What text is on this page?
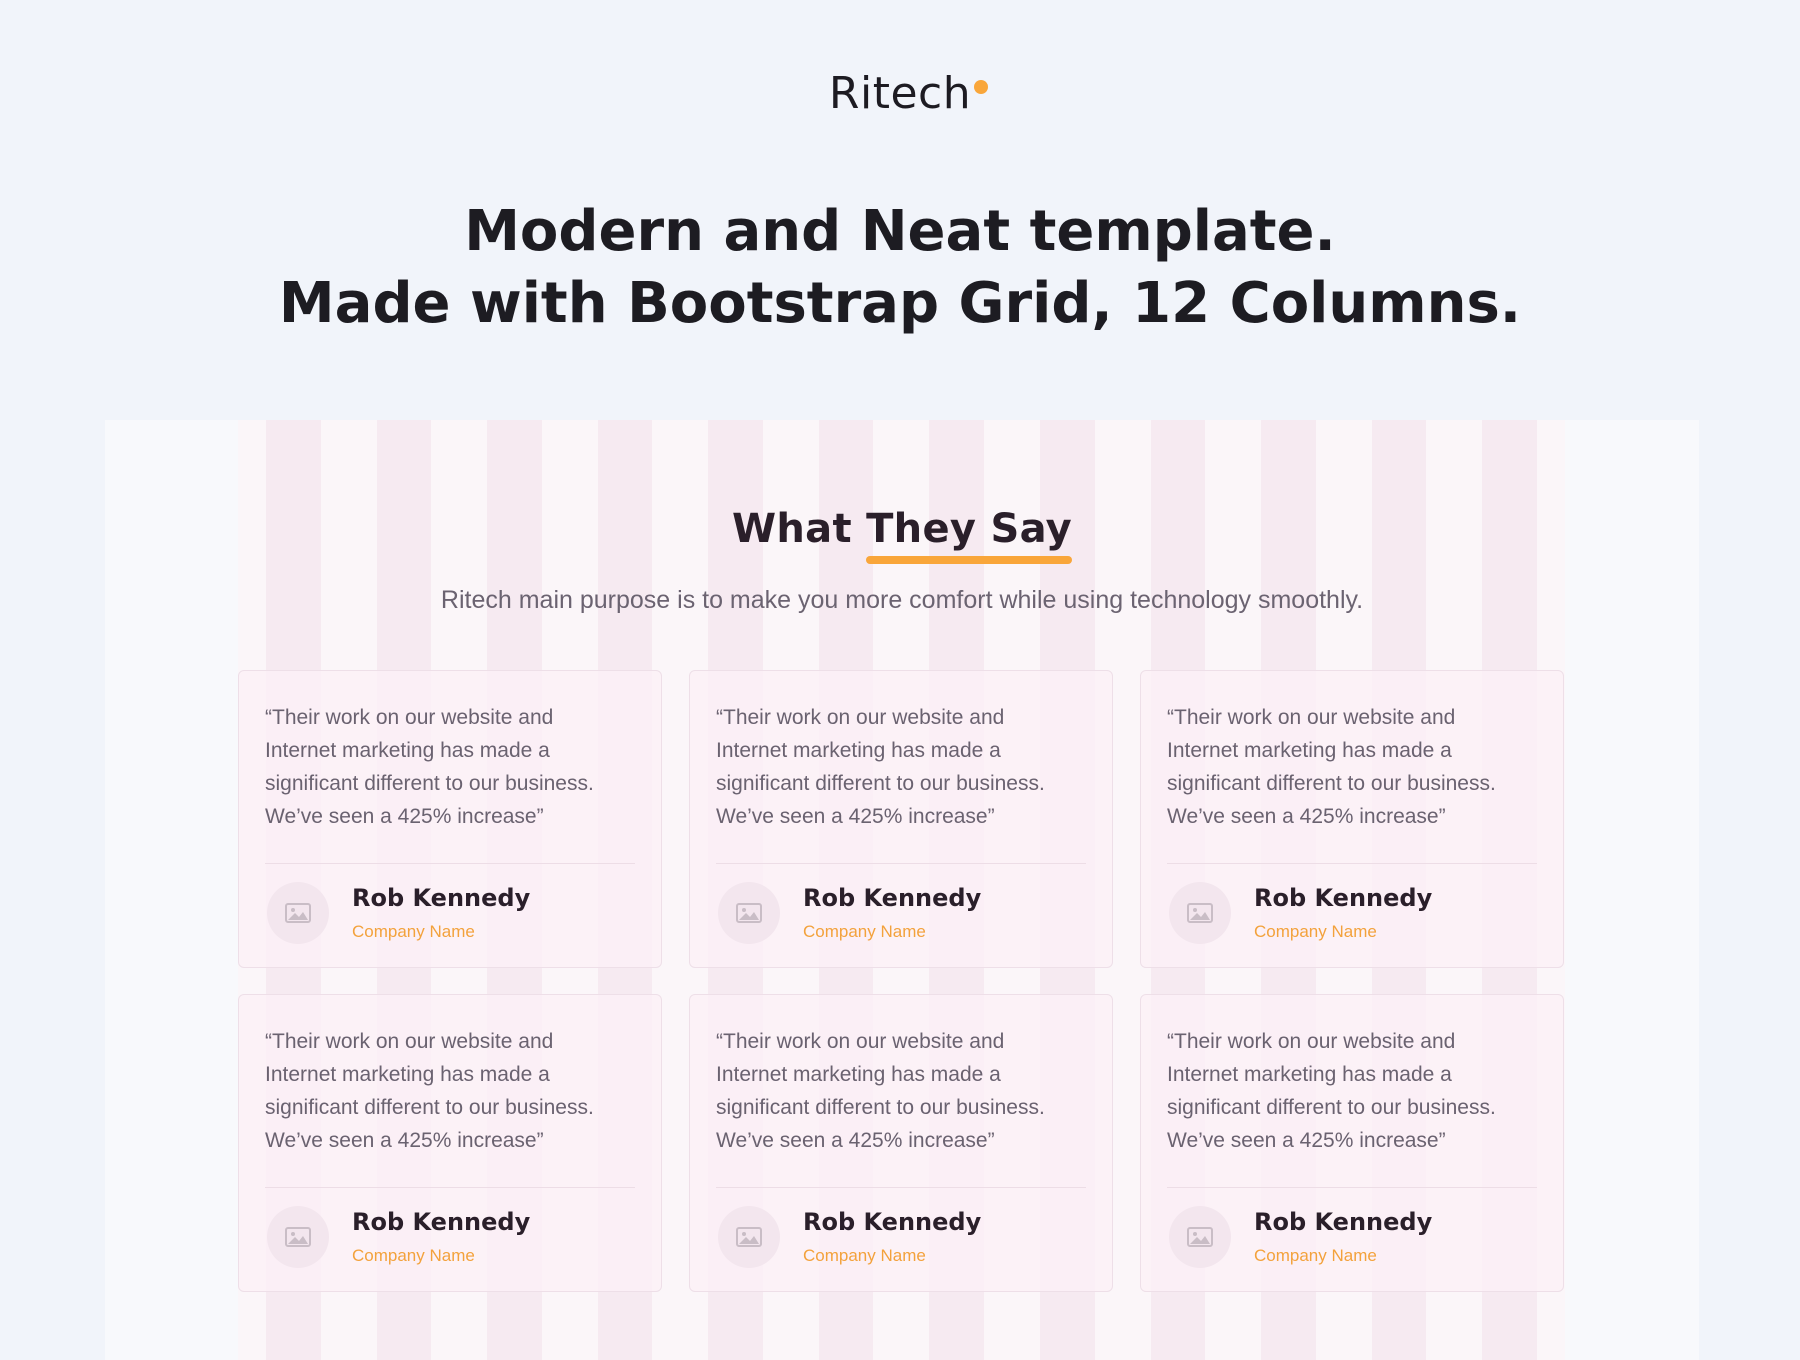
Ritech
Modern and Neat template.
Made with Bootstrap Grid, 12 Columns.
What They Say
Ritech main purpose is to make you more comfort while using technology smoothly.

“Their work on our website and
Internet marketing has made a
significant different to our business.
We’ve seen a 425% increase”

Rob Kennedy
Company Name

“Their work on our website and
Internet marketing has made a
significant different to our business.
We’ve seen a 425% increase”

Rob Kennedy
Company Name

“Their work on our website and
Internet marketing has made a
significant different to our business.
We’ve seen a 425% increase”

Rob Kennedy
Company Name

“Their work on our website and
Internet marketing has made a
significant different to our business.
We’ve seen a 425% increase”

Rob Kennedy
Company Name

“Their work on our website and
Internet marketing has made a
significant different to our business.
We’ve seen a 425% increase”

Rob Kennedy
Company Name

“Their work on our website and
Internet marketing has made a
significant different to our business.
We’ve seen a 425% increase”

Rob Kennedy
Company Name
